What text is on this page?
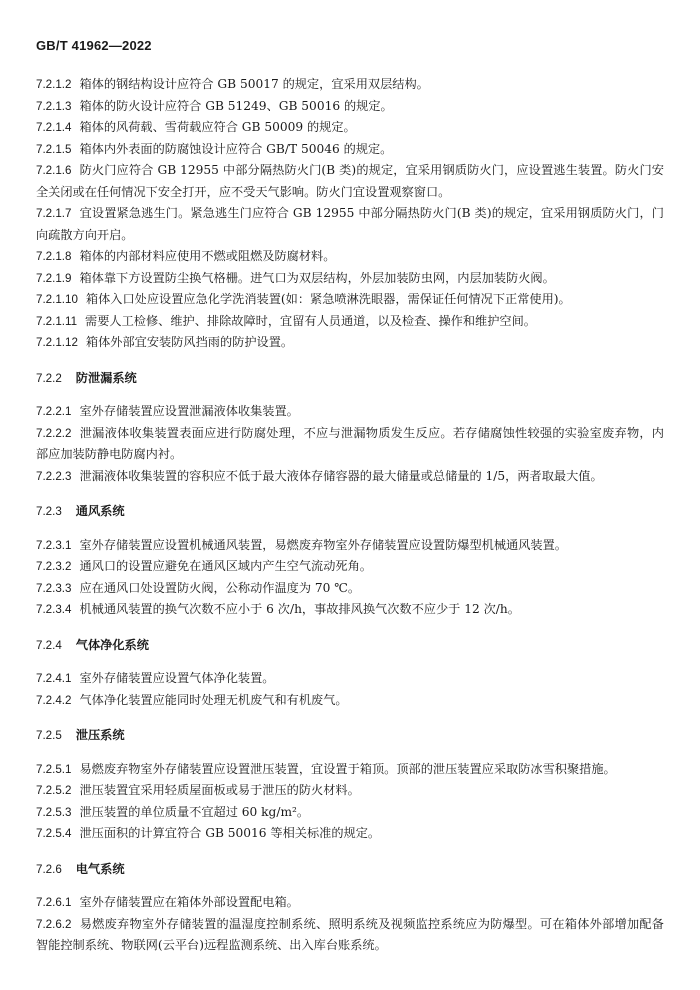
GB/T 41962—2022

7.2.1.2 箱体的钢结构设计应符合 GB 50017 的规定，宜采用双层结构。

7.2.1.3 箱体的防火设计应符合 GB 51249、GB 50016 的规定。

7.2.1.4 箱体的风荷载、雪荷载应符合 GB 50009 的规定。

7.2.1.5 箱体内外表面的防腐蚀设计应符合 GB/T 50046 的规定。

7.2.1.6 防火门应符合 GB 12955 中部分隔热防火门(B 类)的规定，宜采用钢质防火门，应设置逃生装置。防火门安全关闭或在任何情况下安全打开，应不受天气影响。防火门宜设置观察窗口。

7.2.1.7 宜设置紧急逃生门。紧急逃生门应符合 GB 12955 中部分隔热防火门(B 类)的规定，宜采用钢质防火门，门向疏散方向开启。

7.2.1.8 箱体的内部材料应使用不燃或阻燃及防腐材料。

7.2.1.9 箱体靠下方设置防尘换气格栅。进气口为双层结构，外层加装防虫网，内层加装防火阀。

7.2.1.10 箱体入口处应设置应急化学洗消装置(如：紧急喷淋洗眼器，需保证任何情况下正常使用)。

7.2.1.11 需要人工检修、维护、排除故障时，宜留有人员通道，以及检查、操作和维护空间。

7.2.1.12 箱体外部宜安装防风挡雨的防护设置。

7.2.2 防泄漏系统

7.2.2.1 室外存储装置应设置泄漏液体收集装置。

7.2.2.2 泄漏液体收集装置表面应进行防腐处理，不应与泄漏物质发生反应。若存储腐蚀性较强的实验室废弃物，内部应加装防静电防腐内衬。

7.2.2.3 泄漏液体收集装置的容积应不低于最大液体存储容器的最大储量或总储量的 1/5，两者取最大值。

7.2.3 通风系统

7.2.3.1 室外存储装置应设置机械通风装置，易燃废弃物室外存储装置应设置防爆型机械通风装置。

7.2.3.2 通风口的设置应避免在通风区域内产生空气流动死角。

7.2.3.3 应在通风口处设置防火阀，公称动作温度为 70 ℃。

7.2.3.4 机械通风装置的换气次数不应小于 6 次/h，事故排风换气次数不应少于 12 次/h。

7.2.4 气体净化系统

7.2.4.1 室外存储装置应设置气体净化装置。

7.2.4.2 气体净化装置应能同时处理无机废气和有机废气。

7.2.5 泄压系统

7.2.5.1 易燃废弃物室外存储装置应设置泄压装置，宜设置于箱顶。顶部的泄压装置应采取防冰雪积聚措施。

7.2.5.2 泄压装置宜采用轻质屋面板或易于泄压的防火材料。

7.2.5.3 泄压装置的单位质量不宜超过 60 kg/m²。

7.2.5.4 泄压面积的计算宜符合 GB 50016 等相关标准的规定。

7.2.6 电气系统

7.2.6.1 室外存储装置应在箱体外部设置配电箱。

7.2.6.2 易燃废弃物室外存储装置的温湿度控制系统、照明系统及视频监控系统应为防爆型。可在箱体外部增加配备智能控制系统、物联网(云平台)远程监测系统、出入库台账系统。
